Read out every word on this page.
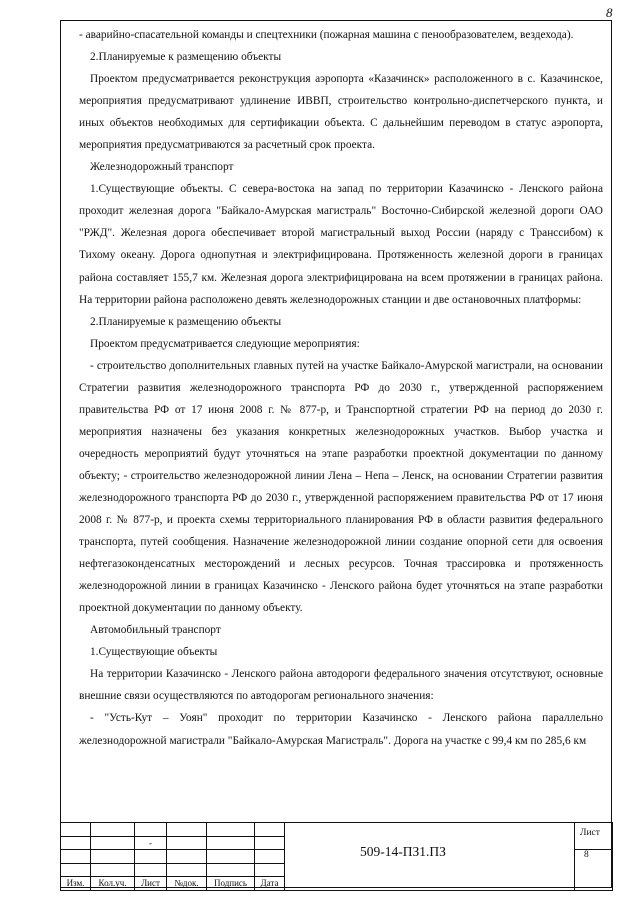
8

- аварийно-спасательной команды и спецтехники (пожарная машина с пенообразователем, вездехода).

2.Планируемые к размещению объекты

Проектом предусматривается реконструкция аэропорта «Казачинск» расположенного в с. Казачинское, мероприятия предусматривают удлинение ИВВП, строительство контрольно-диспетчерского пункта, и иных объектов необходимых для сертификации объекта. С дальнейшим переводом в статус аэропорта, мероприятия предусматриваются за расчетный срок проекта.

Железнодорожный транспорт

1.Существующие объекты. С севера-востока на запад по территории Казачинско - Ленского района проходит железная дорога "Байкало-Амурская магистраль" Восточно-Сибирской железной дороги ОАО "РЖД". Железная дорога обеспечивает второй магистральный выход России (наряду с Транссибом) к Тихому океану. Дорога однопутная и электрифицирована. Протяженность железной дороги в границах района составляет 155,7 км. Железная дорога электрифицирована на всем протяжении в границах района. На территории района расположено девять железнодорожных станции и две остановочных платформы:

2.Планируемые к размещению объекты

Проектом предусматривается следующие мероприятия:

- строительство дополнительных главных путей на участке Байкало-Амурской магистрали, на основании Стратегии развития железнодорожного транспорта РФ до 2030 г., утвержденной распоряжением правительства РФ от 17 июня 2008 г. № 877-р, и Транспортной стратегии РФ на период до 2030 г. мероприятия назначены без указания конкретных железнодорожных участков. Выбор участка и очередность мероприятий будут уточняться на этапе разработки проектной документации по данному объекту; - строительство железнодорожной линии Лена – Непа – Ленск, на основании Стратегии развития железнодорожного транспорта РФ до 2030 г., утвержденной распоряжением правительства РФ от 17 июня 2008 г. № 877-р, и проекта схемы территориального планирования РФ в области развития федерального транспорта, путей сообщения. Назначение железнодорожной линии создание опорной сети для освоения нефтегазоконденсатных месторождений и лесных ресурсов. Точная трассировка и протяженность железнодорожной линии в границах Казачинско - Ленского района будет уточняться на этапе разработки проектной документации по данному объекту.

Автомобильный транспорт

1.Существующие объекты

На территории Казачинско - Ленского района автодороги федерального значения отсутствуют, основные внешние связи осуществляются по автодорогам регионального значения:

- "Усть-Кут – Уоян" проходит по территории Казачинско - Ленского района параллельно железнодорожной магистрали "Байкало-Амурская Магистраль". Дорога на участке с 99,4 км по 285,6 км

		-					

Изм.	Кол.уч.	Лист	№док.	Подпись	Дата		
509-14-ПЗ1.ПЗ
Лист
8
